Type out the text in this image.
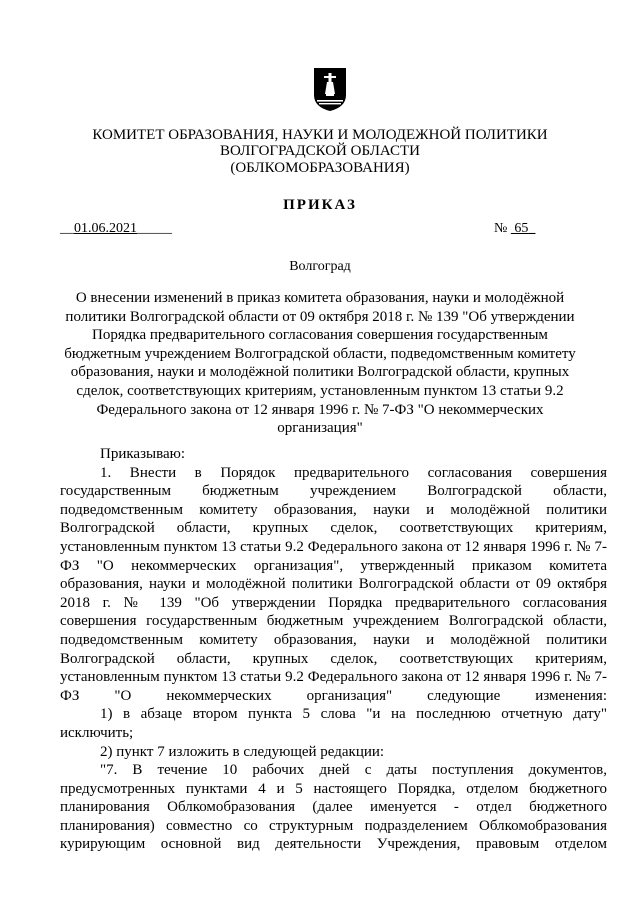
КОМИТЕТ ОБРАЗОВАНИЯ, НАУКИ И МОЛОДЕЖНОЙ ПОЛИТИКИ
ВОЛГОГРАДСКОЙ ОБЛАСТИ
(ОБЛКОМОБРАЗОВАНИЯ)
ПРИКАЗ
__01.06.2021_____	№  65_
Волгоград
О внесении изменений в приказ комитета образования, науки и молодёжной политики Волгоградской области от 09 октября 2018 г. № 139 "Об утверждении Порядка предварительного согласования совершения государственным бюджетным учреждением Волгоградской области, подведомственным комитету образования, науки и молодёжной политики Волгоградской области, крупных сделок, соответствующих критериям, установленным пунктом 13 статьи 9.2 Федерального закона от 12 января 1996 г. № 7-ФЗ "О некоммерческих организация"

Приказываю:

1. Внести в Порядок предварительного согласования совершения государственным бюджетным учреждением Волгоградской области, подведомственным комитету образования, науки и молодёжной политики Волгоградской области, крупных сделок, соответствующих критериям, установленным пунктом 13 статьи 9.2 Федерального закона от 12 января 1996 г. № 7-ФЗ "О некоммерческих организация", утвержденный приказом комитета образования, науки и молодёжной политики Волгоградской области от 09 октября 2018 г. № 139 "Об утверждении Порядка предварительного согласования совершения государственным бюджетным учреждением Волгоградской области, подведомственным комитету образования, науки и молодёжной политики Волгоградской области, крупных сделок, соответствующих критериям, установленным пунктом 13 статьи 9.2 Федерального закона от 12 января 1996 г. № 7-ФЗ "О некоммерческих организация" следующие изменения:

1) в абзаце втором пункта 5 слова "и на последнюю отчетную дату" исключить;

2) пункт 7 изложить в следующей редакции:

"7. В течение 10 рабочих дней с даты поступления документов, предусмотренных пунктами 4 и 5 настоящего Порядка, отделом бюджетного планирования Облкомобразования (далее именуется - отдел бюджетного планирования) совместно со структурным подразделением Облкомобразования курирующим основной вид деятельности Учреждения, правовым отделом
